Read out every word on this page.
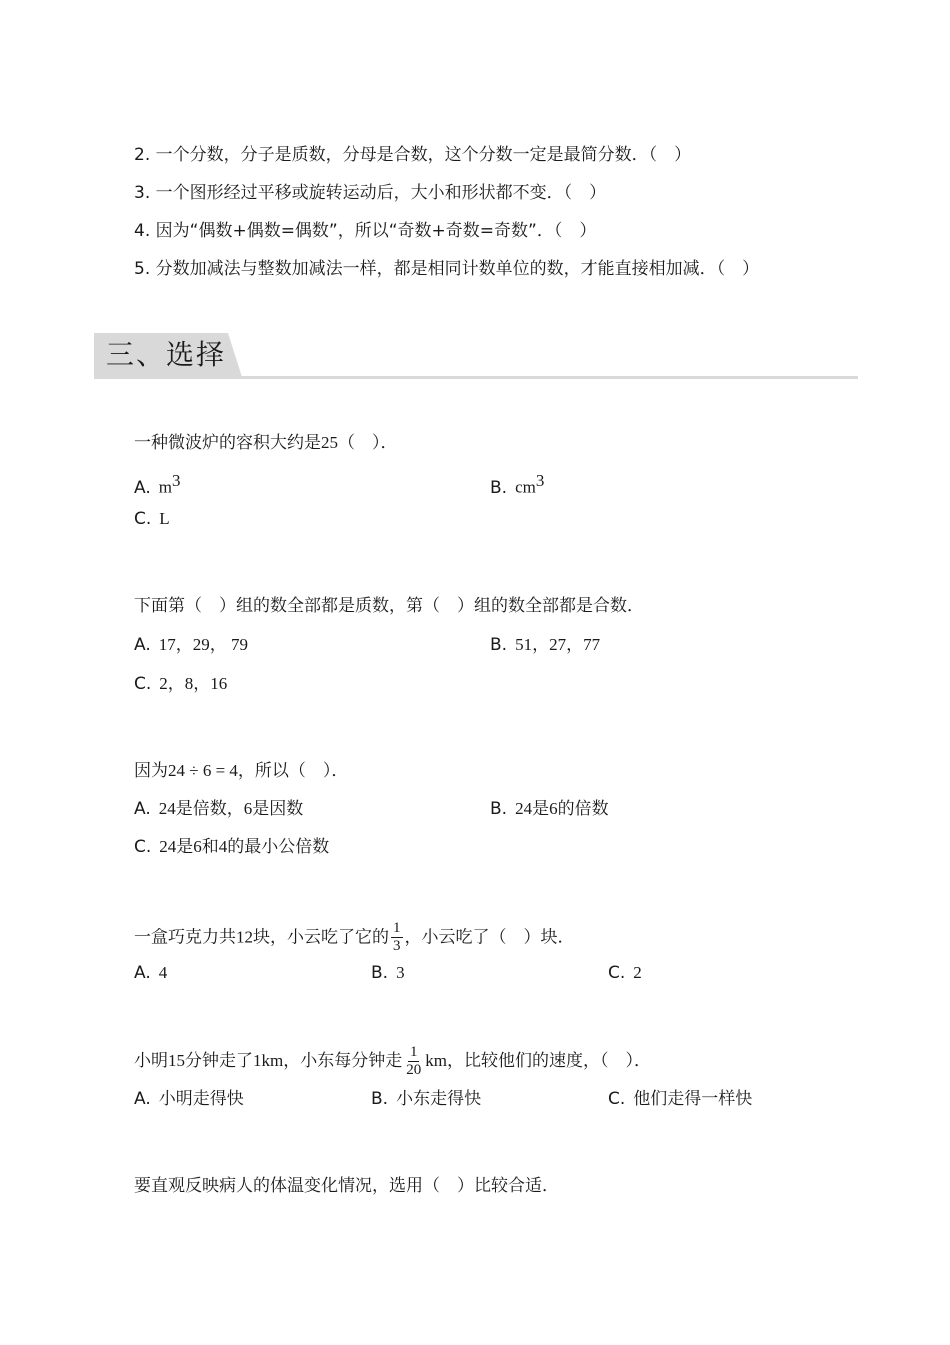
2. 一个分数，分子是质数，分母是合数，这个分数一定是最简分数．（　）
3. 一个图形经过平移或旋转运动后，大小和形状都不变．（　）
4. 因为“偶数+偶数=偶数”，所以“奇数+奇数=奇数”．（　）
5. 分数加减法与整数加减法一样，都是相同计数单位的数，才能直接相加减．（　）
三、选择
一种微波炉的容积大约是25（　）．
A. $m^3$	B. $cm^3$
C. L
下面第（　）组的数全部都是质数，第（　）组的数全部都是合数．
A. 17，29， 79	B. 51，27，77
C. 2，8，16
因为24 ÷ 6 = 4，所以（　）．
A. 24是倍数，6是因数	B. 24是6的倍数
C. 24是6和4的最小公倍数
一盒巧克力共12块，小云吃了它的 $\frac{1}{3}$ ，小云吃了（　）块．
A. 4	B. 3	C. 2
小明15分钟走了1km，小东每分钟走 $\frac{1}{20}$ km，比较他们的速度，（　）．
A. 小明走得快	B. 小东走得快	C. 他们走得一样快
要直观反映病人的体温变化情况，选用（　）比较合适．
